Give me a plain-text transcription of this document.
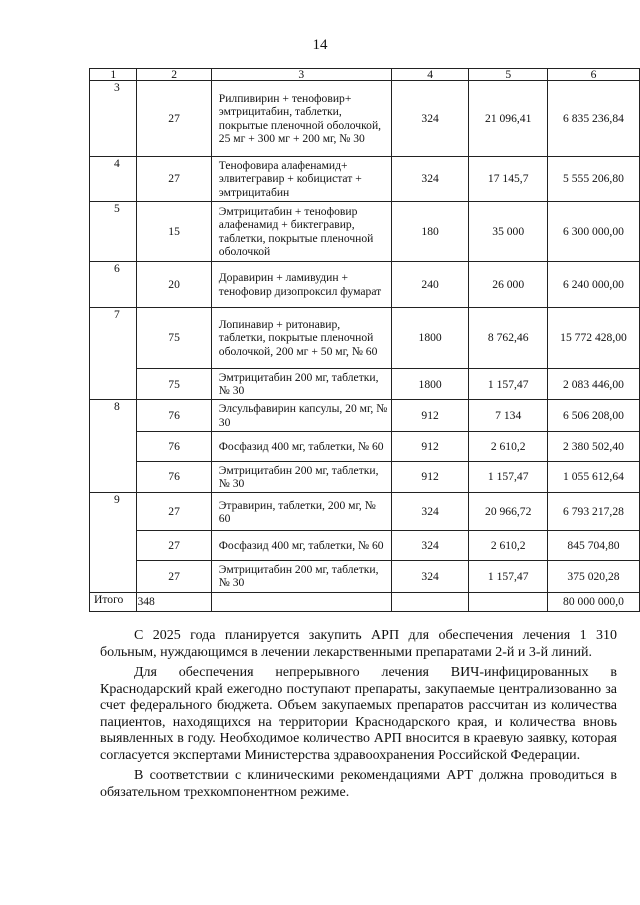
14
1	2	3	4	5	6
3	27	Рилпивирин + тенофовир+ эмтрицитабин, таблетки, покрытые пленочной оболочкой, 25 мг + 300 мг + 200 мг, № 30	324	21 096,41	6 835 236,84
4	27	Тенофовира алафенамид+ элвитегравир + кобицистат + эмтрицитабин	324	17 145,7	5 555 206,80
5	15	Эмтрицитабин + тенофовир алафенамид + биктегравир, таблетки, покрытые пленочной оболочкой	180	35 000	6 300 000,00
6	20	Доравирин + ламивудин + тенофовир дизопроксил фумарат	240	26 000	6 240 000,00
7	75	Лопинавир + ритонавир, таблетки, покрытые пленочной оболочкой, 200 мг + 50 мг, № 60	1800	8 762,46	15 772 428,00
	75	Эмтрицитабин 200 мг, таблетки, № 30	1800	1 157,47	2 083 446,00
8	76	Элсульфавирин капсулы, 20 мг, № 30	912	7 134	6 506 208,00
	76	Фосфазид 400 мг, таблетки, № 60	912	2 610,2	2 380 502,40
	76	Эмтрицитабин 200 мг, таблетки, № 30	912	1 157,47	1 055 612,64
9	27	Этравирин, таблетки, 200 мг, № 60	324	20 966,72	6 793 217,28
	27	Фосфазид 400 мг, таблетки, № 60	324	2 610,2	845 704,80
	27	Эмтрицитабин 200 мг, таблетки, № 30	324	1 157,47	375 020,28
Итого	348				80 000 000,0

С 2025 года планируется закупить АРП для обеспечения лечения 1 310 больным, нуждающимся в лечении лекарственными препаратами 2-й и 3-й линий.

Для обеспечения непрерывного лечения ВИЧ-инфицированных в Краснодарский край ежегодно поступают препараты, закупаемые централизованно за счет федерального бюджета. Объем закупаемых препаратов рассчитан из количества пациентов, находящихся на территории Краснодарского края, и количества вновь выявленных в году. Необходимое количество АРП вносится в краевую заявку, которая согласуется экспертами Министерства здравоохранения Российской Федерации.

В соответствии с клиническими рекомендациями АРТ должна проводиться в обязательном трехкомпонентном режиме.
